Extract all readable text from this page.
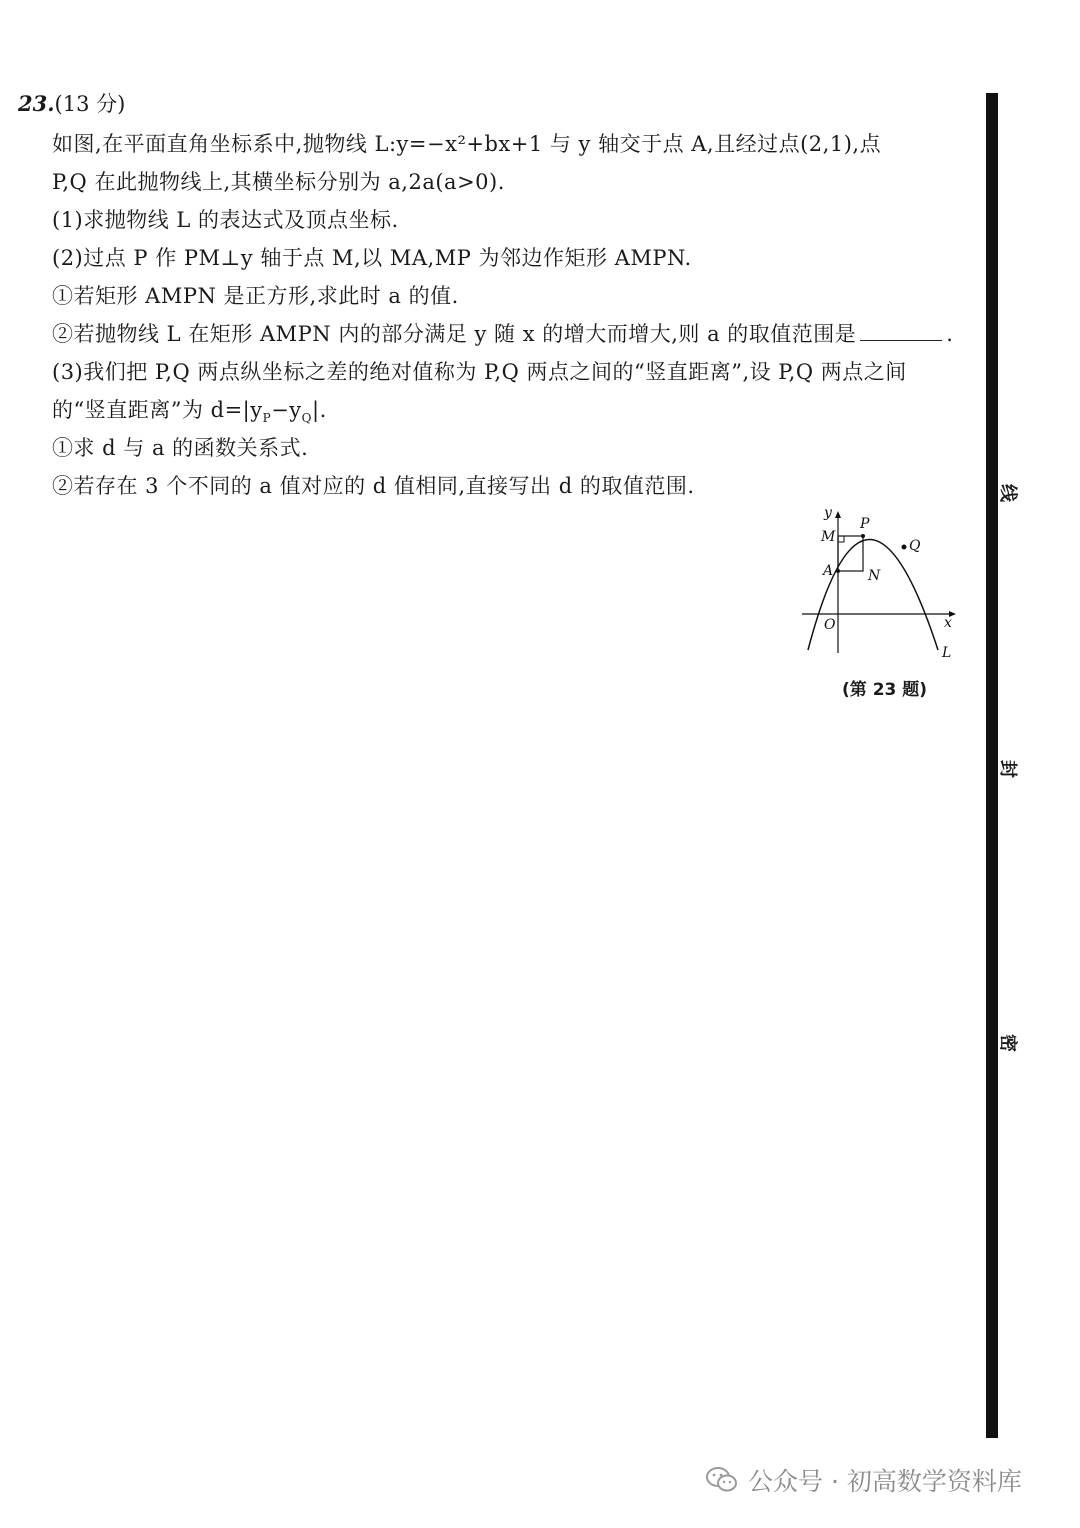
23.(13 分)
如图,在平面直角坐标系中,抛物线 L:y=−x²+bx+1 与 y 轴交于点 A,且经过点(2,1),点
P,Q 在此抛物线上,其横坐标分别为 a,2a(a>0).
(1)求抛物线 L 的表达式及顶点坐标.
(2)过点 P 作 PM⊥y 轴于点 M,以 MA,MP 为邻边作矩形 AMPN.
①若矩形 AMPN 是正方形,求此时 a 的值.
②若抛物线 L 在矩形 AMPN 内的部分满足 y 随 x 的增大而增大,则 a 的取值范围是	.
(3)我们把 P,Q 两点纵坐标之差的绝对值称为 P,Q 两点之间的“竖直距离”,设 P,Q 两点之间
的“竖直距离”为 $d=|y_P-y_Q|$.
①求 d 与 a 的函数关系式.
②若存在 3 个不同的 a 值对应的 d 值相同,直接写出 d 的取值范围.
y
x
O
M
P
Q
A N
L
(第 23 题)
线
封
密
公众号 · 初高数学资料库
